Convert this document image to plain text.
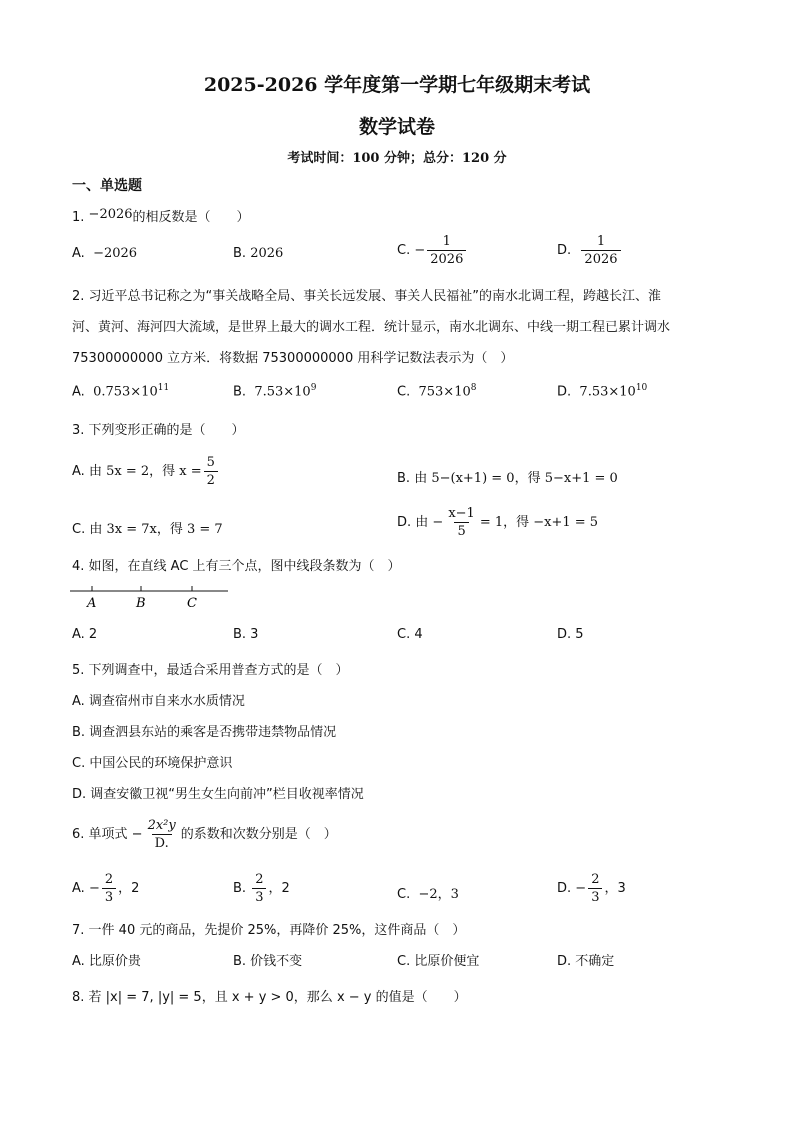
2025-2026 学年度第一学期七年级期末考试
数学试卷
考试时间：100 分钟；总分：120 分
一、单选题
1. −2026的相反数是（　　）
A. −2026	B. 2026	C. − $\frac{1}{2026}$	D. $\frac{1}{2026}$
2. 习近平总书记称之为“事关战略全局、事关长远发展、事关人民福祉”的南水北调工程，跨越长江、淮
河、黄河、海河四大流域，是世界上最大的调水工程．统计显示，南水北调东、中线一期工程已累计调水
75300000000 立方米．将数据 75300000000 用科学记数法表示为（　）
A. $0.753\times 10^{11}$	B. $7.53\times 10^9$	C. $753\times 10^8$	D. $7.53\times 10^{10}$
3. 下列变形正确的是（　　）
A. 由 5x = 2，得 $x = \frac{5}{2}$	B. 由 5−(x+1) = 0，得 5−x+1 = 0
C. 由 3x = 7x，得 3 = 7	D. 由 − $\frac{x-1}{5} = 1$，得 −x+1 = 5
4. 如图，在直线 AC 上有三个点，图中线段条数为（　）
A	B	C
A. 2	B. 3	C. 4	D. 5
5. 下列调查中，最适合采用普查方式的是（　）
A. 调查宿州市自来水水质情况
B. 调查泗县东站的乘客是否携带违禁物品情况
C. 中国公民的环境保护意识
D. 调查安徽卫视“男生女生向前冲”栏目收视率情况
6. 单项式 − $\frac{\text{2x²y}}{D.}$ 的系数和次数分别是（　）
A. − $\frac{2}{3}$ ，2	B. $\frac{2}{3}$ ，2	C. −2，3	D. − $\frac{2}{3}$ ，3
7. 一件 40 元的商品，先提价 25%，再降价 25%，这件商品（　）
A. 比原价贵	B. 价钱不变	C. 比原价便宜	D. 不确定
8. 若 |x| = 7, |y| = 5，且 x + y > 0，那么 x − y 的值是（　　）
